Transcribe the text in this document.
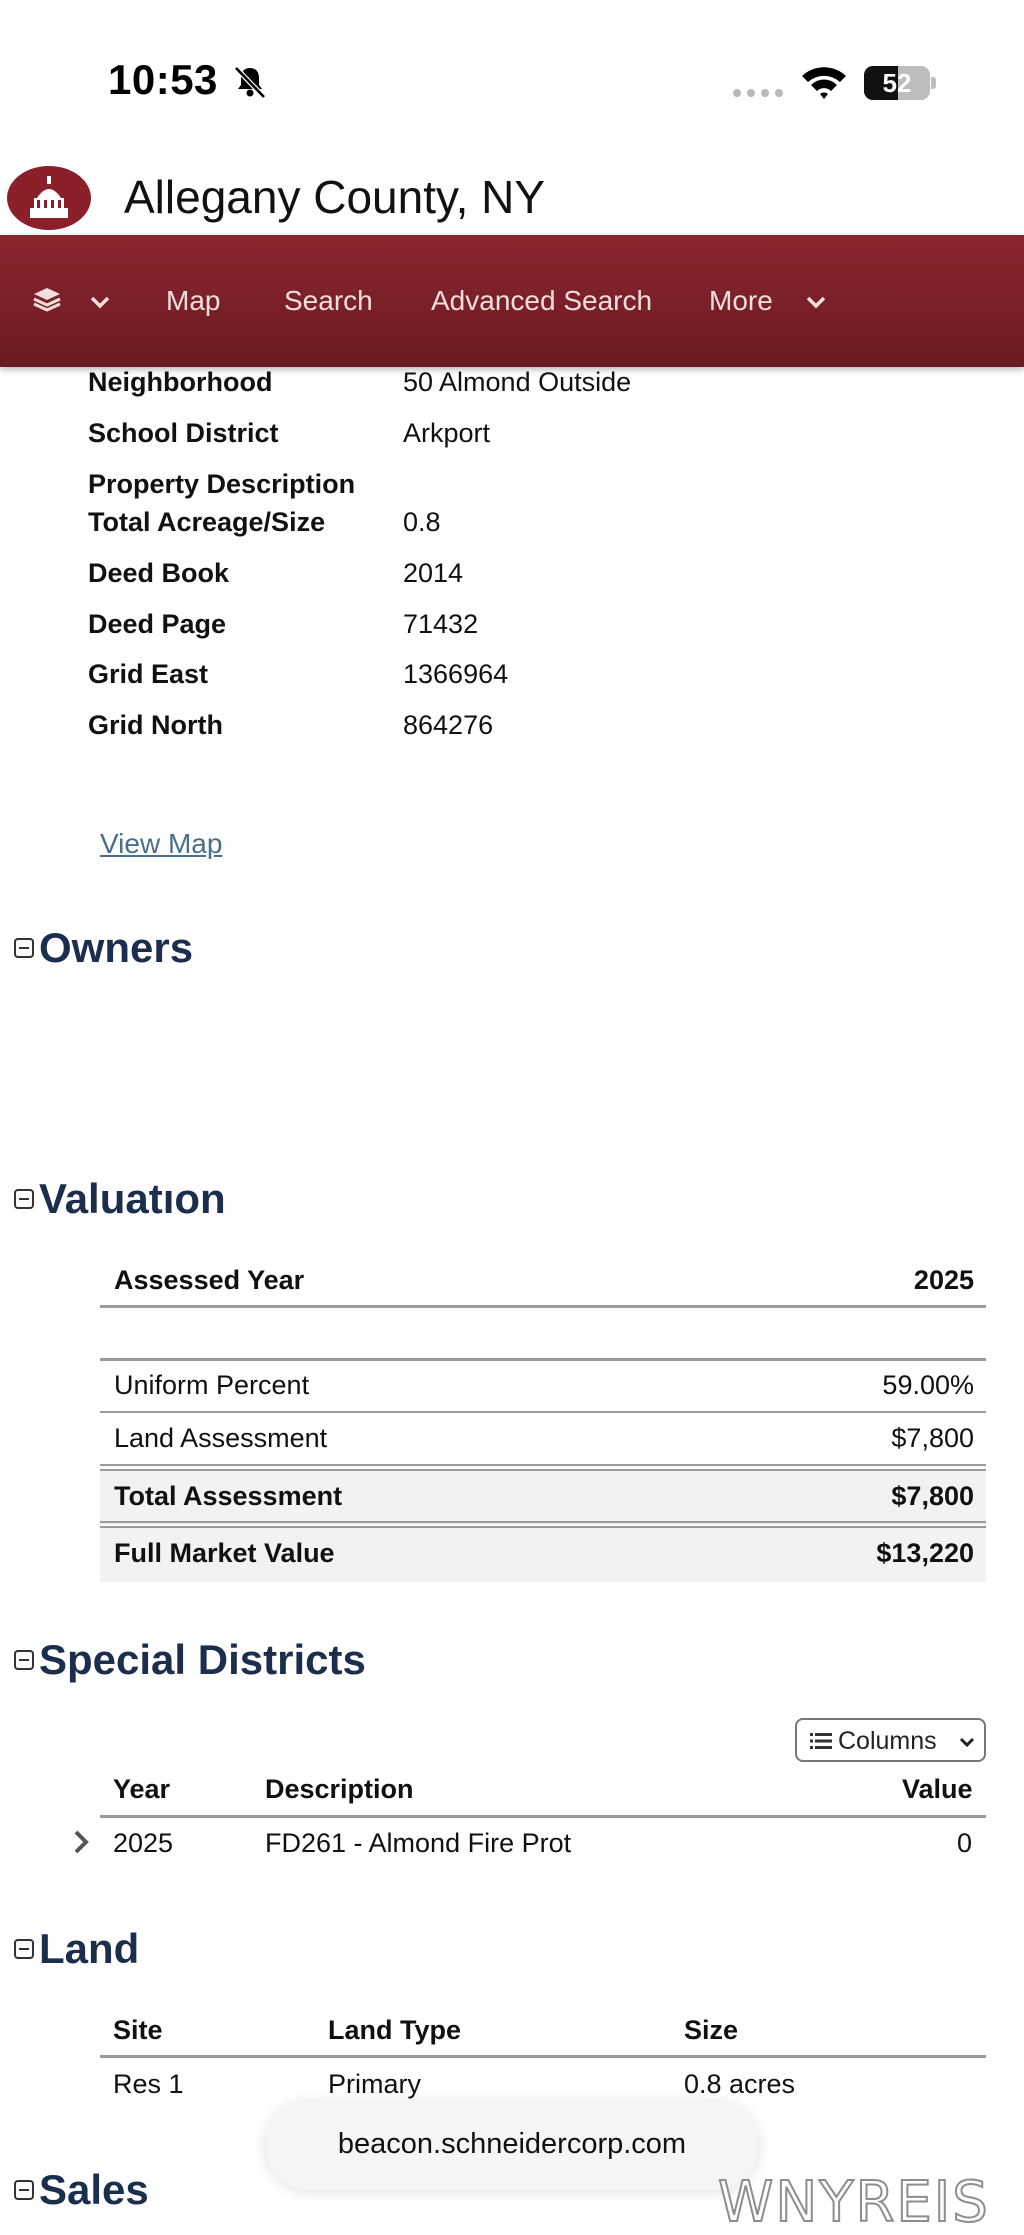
10:53	52
Allegany County, NY
Map Search Advanced Search More
Neighborhood	50 Almond Outside
School District	Arkport
Property Description
Total Acreage/Size	0.8
Deed Book	2014
Deed Page	71432
Grid East	1366964
Grid North	864276
View Map
Owners
Valuatıon
Assessed Year	2025
Uniform Percent	59.00%
Land Assessment	$7,800
Total Assessment	$7,800
Full Market Value	$13,220
Special Districts
Columns
Year	Description	Value
2025	FD261 - Almond Fire Prot	0
Land
Site	Land Type	Size
Res 1	Primary	0.8 acres
Sales
beacon.schneidercorp.com
WNYREIS
